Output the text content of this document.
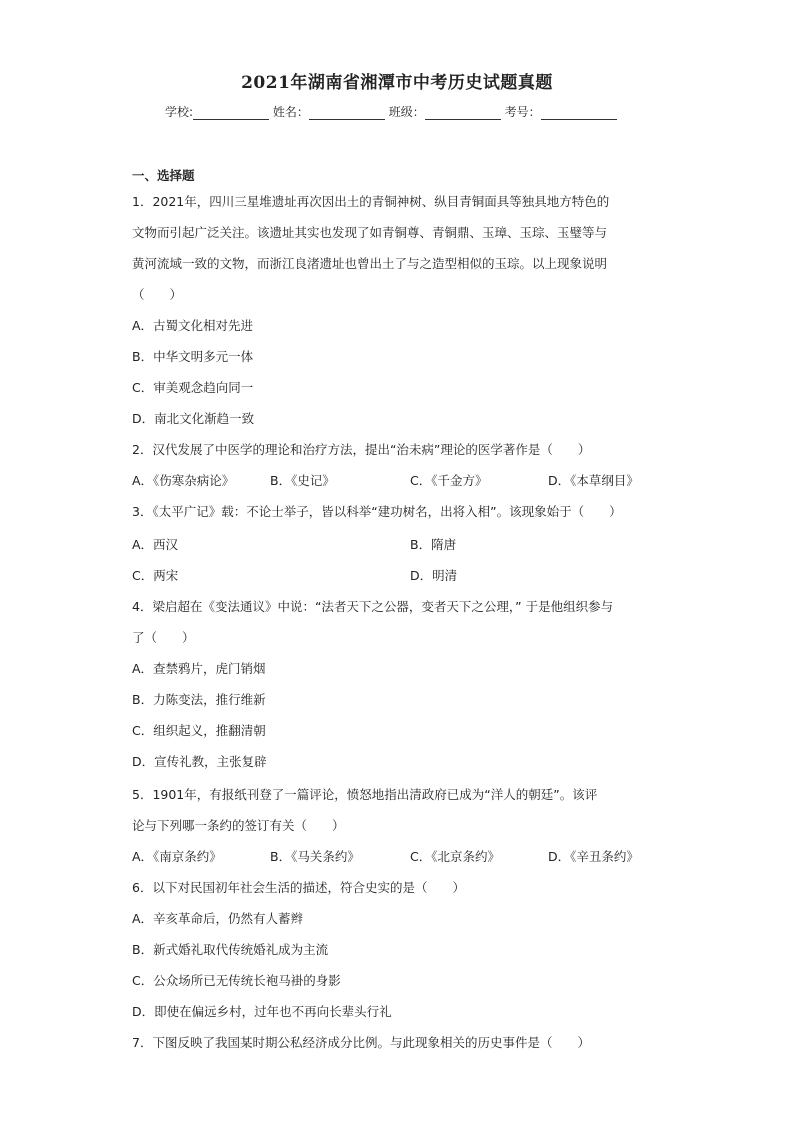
2021年湖南省湘潭市中考历史试题真题
学校:	姓名：	班级：	考号：
一、选择题
1．2021年，四川三星堆遗址再次因出土的青铜神树、纵目青铜面具等独具地方特色的
文物而引起广泛关注。该遗址其实也发现了如青铜尊、青铜鼎、玉璋、玉琮、玉璧等与
黄河流域一致的文物，而浙江良渚遗址也曾出土了与之造型相似的玉琮。以上现象说明
（　　）
A．古蜀文化相对先进
B．中华文明多元一体
C．审美观念趋向同一
D．南北文化渐趋一致
2．汉代发展了中医学的理论和治疗方法，提出“治未病”理论的医学著作是（　　）
A．《伤寒杂病论》	B．《史记》	C．《千金方》	D．《本草纲目》
3．《太平广记》载：不论士举子，皆以科举“建功树名，出将入相”。该现象始于（　　）
A．西汉	B．隋唐
C．两宋	D．明清
4．梁启超在《变法通议》中说：“法者天下之公器，变者天下之公理，” 于是他组织参与
了（　　）
A．查禁鸦片，虎门销烟
B．力陈变法，推行维新
C．组织起义，推翻清朝
D．宣传礼教，主张复辟
5．1901年，有报纸刊登了一篇评论，愤怒地指出清政府已成为“洋人的朝廷”。该评
论与下列哪一条约的签订有关（　　）
A．《南京条约》	B．《马关条约》	C．《北京条约》	D．《辛丑条约》
6．以下对民国初年社会生活的描述，符合史实的是（　　）
A．辛亥革命后，仍然有人蓄辫
B．新式婚礼取代传统婚礼成为主流
C．公众场所已无传统长袍马褂的身影
D．即使在偏远乡村，过年也不再向长辈头行礼
7．下图反映了我国某时期公私经济成分比例。与此现象相关的历史事件是（　　）
